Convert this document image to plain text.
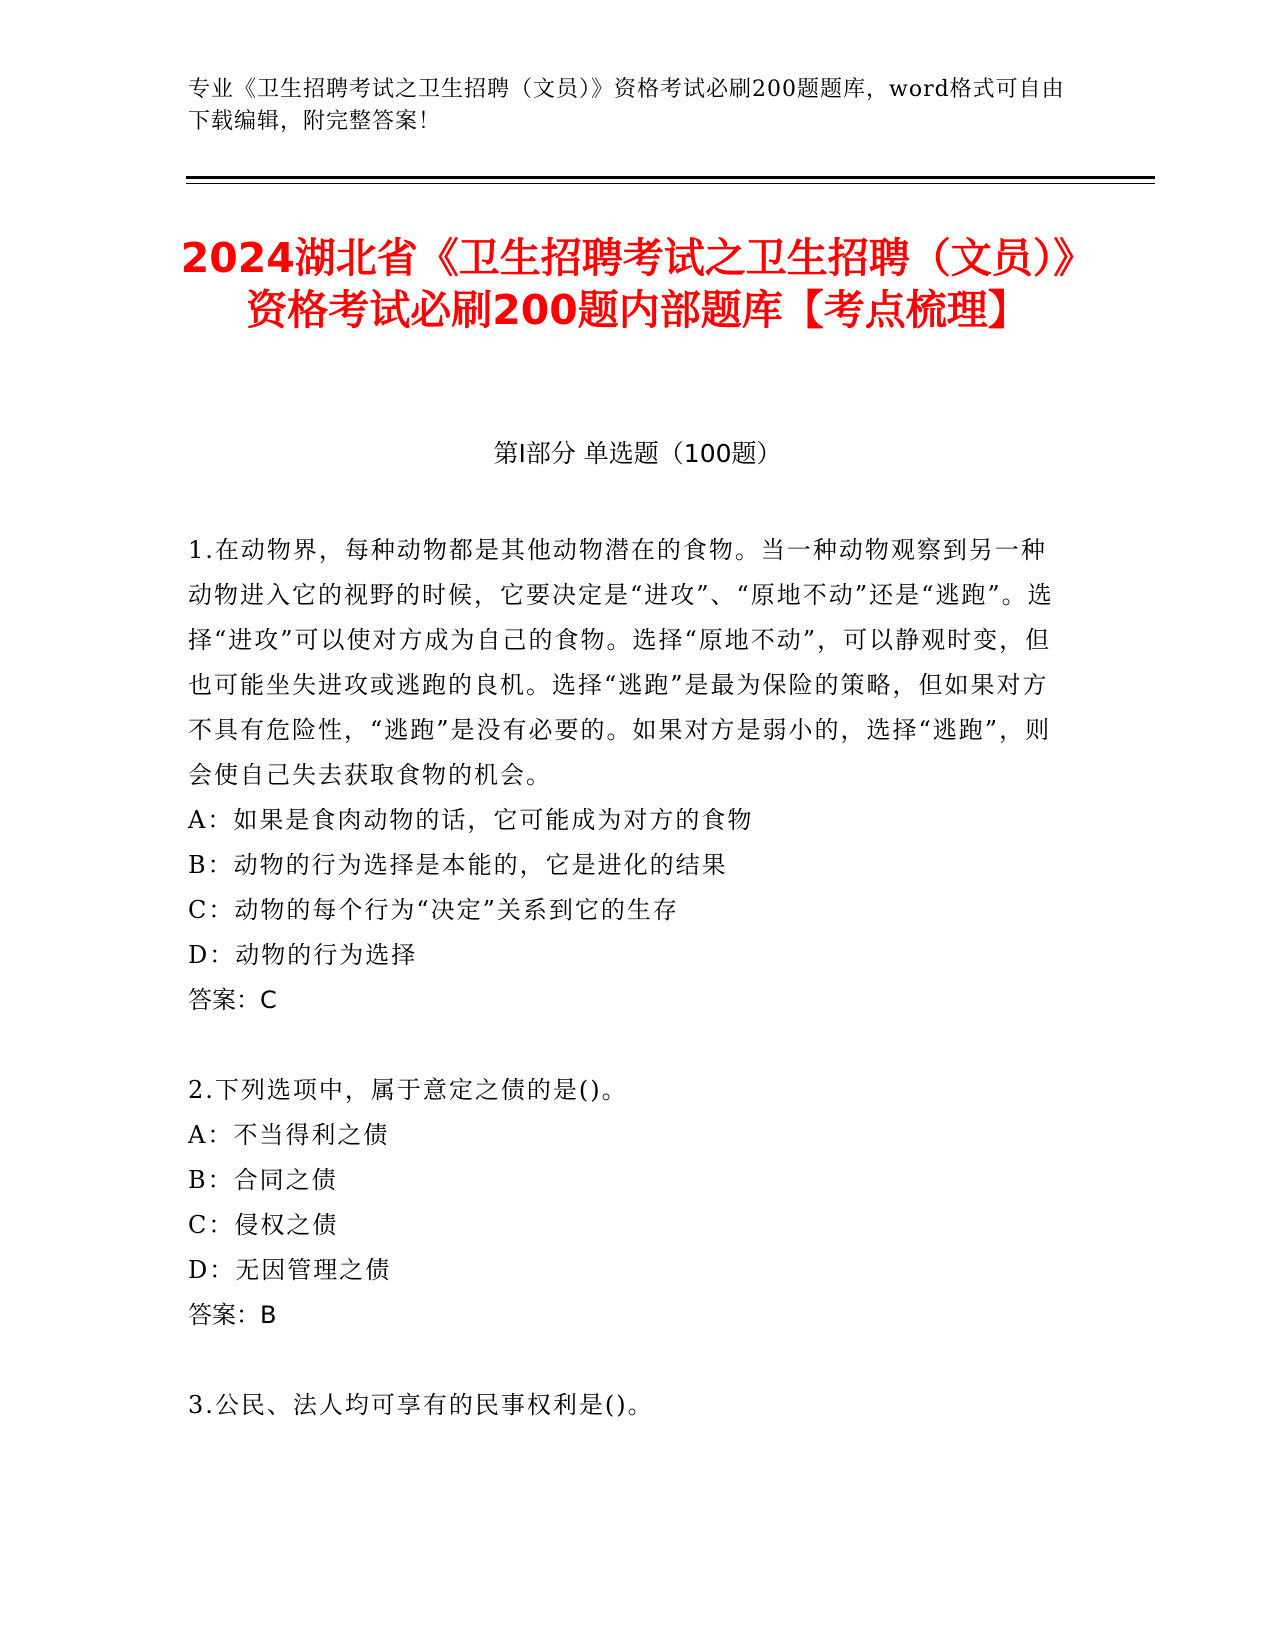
专业《卫生招聘考试之卫生招聘（文员）》资格考试必刷200题题库，word格式可自由下载编辑，附完整答案！
2024湖北省《卫生招聘考试之卫生招聘（文员）》资格考试必刷200题内部题库【考点梳理】
第I部分 单选题（100题）

1.在动物界，每种动物都是其他动物潜在的食物。当一种动物观察到另一种动物进入它的视野的时候，它要决定是“进攻”、“原地不动”还是“逃跑”。选择“进攻”可以使对方成为自己的食物。选择“原地不动”，可以静观时变，但也可能坐失进攻或逃跑的良机。选择“逃跑”是最为保险的策略，但如果对方不具有危险性，“逃跑”是没有必要的。如果对方是弱小的，选择“逃跑”，则会使自己失去获取食物的机会。

A：如果是食肉动物的话，它可能成为对方的食物

B：动物的行为选择是本能的，它是进化的结果

C：动物的每个行为“决定”关系到它的生存

D：动物的行为选择

答案：C

2.下列选项中，属于意定之债的是()。

A：不当得利之债

B：合同之债

C：侵权之债

D：无因管理之债

答案：B

3.公民、法人均可享有的民事权利是()。
